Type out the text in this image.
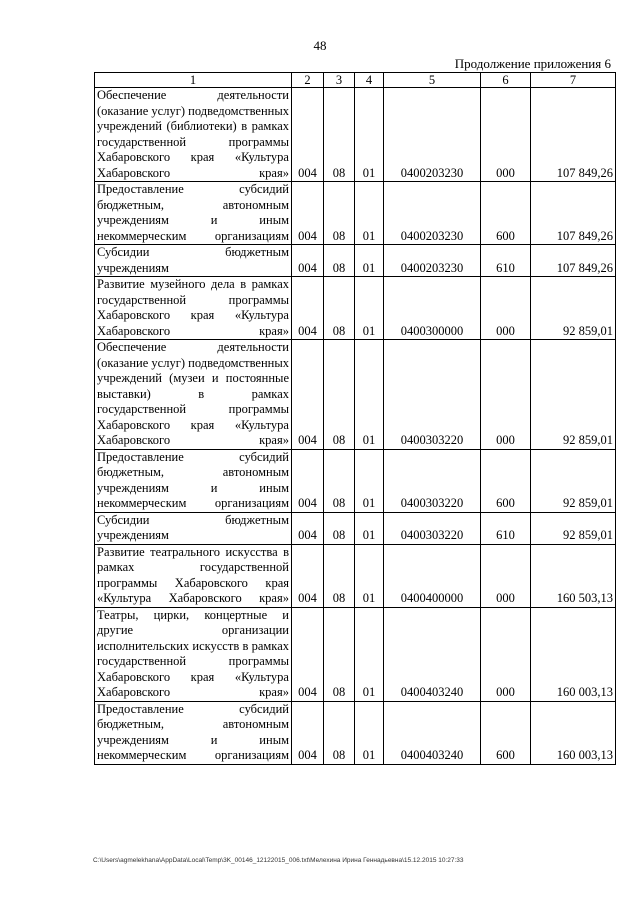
48
Продолжение приложения 6
1	2	3	4	5	6	7
Обеспечение деятельности (оказание услуг) подведомственных учреждений (библиотеки) в рамках государственной программы Хабаровского края «Культура Хабаровского края»	004	08	01	0400203230	000	107 849,26
Предоставление субсидий бюджетным, автономным учреждениям и иным некоммерческим организациям	004	08	01	0400203230	600	107 849,26
Субсидии бюджетным учреждениям	004	08	01	0400203230	610	107 849,26
Развитие музейного дела в рамках государственной программы Хабаровского края «Культура Хабаровского края»	004	08	01	0400300000	000	92 859,01
Обеспечение деятельности (оказание услуг) подведомственных учреждений (музеи и постоянные выставки) в рамках государственной программы Хабаровского края «Культура Хабаровского края»	004	08	01	0400303220	000	92 859,01
Предоставление субсидий бюджетным, автономным учреждениям и иным некоммерческим организациям	004	08	01	0400303220	600	92 859,01
Субсидии бюджетным учреждениям	004	08	01	0400303220	610	92 859,01
Развитие театрального искусства в рамках государственной программы Хабаровского края «Культура Хабаровского края»	004	08	01	0400400000	000	160 503,13
Театры, цирки, концертные и другие организации исполнительских искусств в рамках государственной программы Хабаровского края «Культура Хабаровского края»	004	08	01	0400403240	000	160 003,13
Предоставление субсидий бюджетным, автономным учреждениям и иным некоммерческим организациям	004	08	01	0400403240	600	160 003,13
C:\Users\agmelekhana\AppData\Local\Temp\3K_00146_12122015_006.txt\Мелехина Ирина Геннадьевна\15.12.2015 10:27:33
